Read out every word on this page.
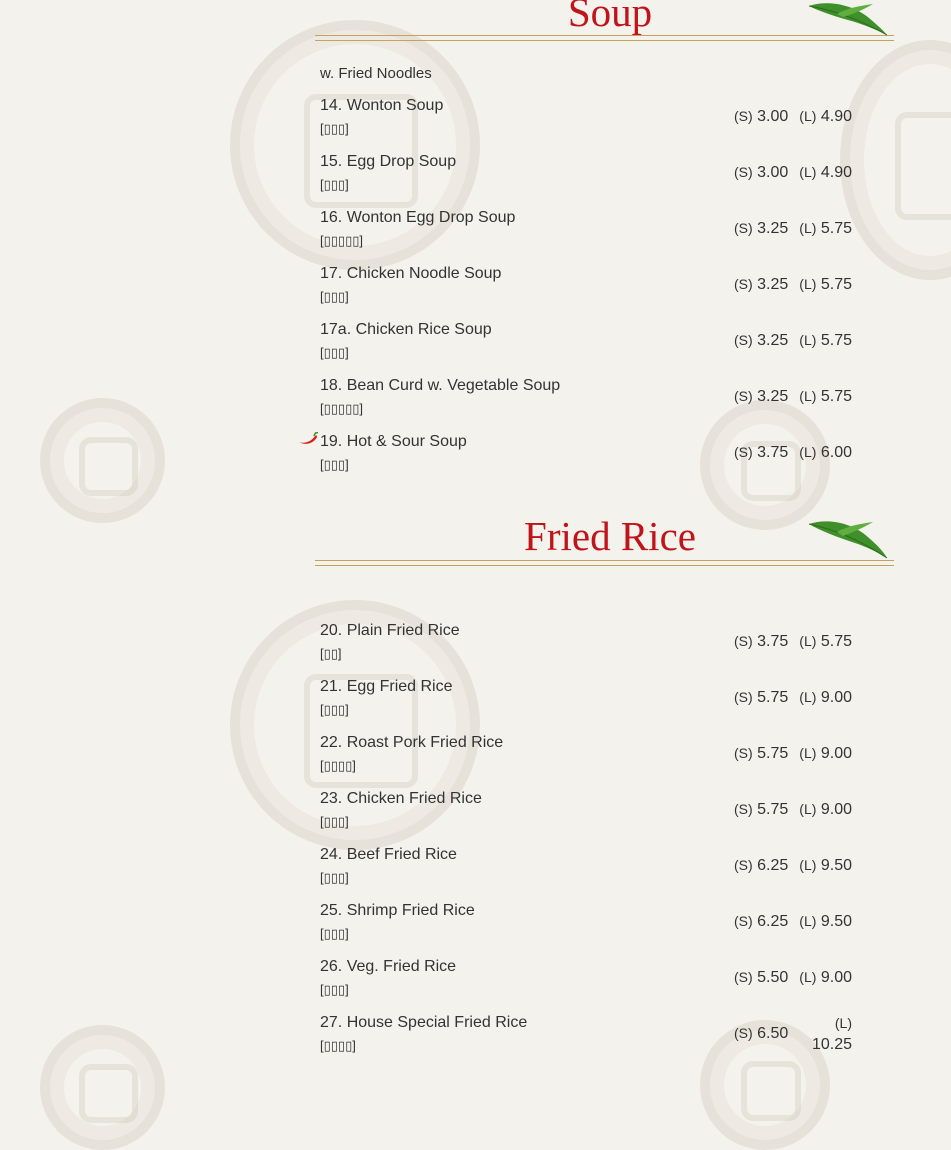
Soup
w. Fried Noodles
14. Wonton Soup
[▯▯▯]
(S) 3.00 (L) 4.90
15. Egg Drop Soup
[▯▯▯]
(S) 3.00 (L) 4.90
16. Wonton Egg Drop Soup
[▯▯▯▯▯]
(S) 3.25 (L) 5.75
17. Chicken Noodle Soup
[▯▯▯]
(S) 3.25 (L) 5.75
17a. Chicken Rice Soup
[▯▯▯]
(S) 3.25 (L) 5.75
18. Bean Curd w. Vegetable Soup
[▯▯▯▯▯]
(S) 3.25 (L) 5.75
19. Hot & Sour Soup
[▯▯▯]
(S) 3.75 (L) 6.00
Fried Rice
20. Plain Fried Rice
[▯▯]
(S) 3.75 (L) 5.75
21. Egg Fried Rice
[▯▯▯]
(S) 5.75 (L) 9.00
22. Roast Pork Fried Rice
[▯▯▯▯]
(S) 5.75 (L) 9.00
23. Chicken Fried Rice
[▯▯▯]
(S) 5.75 (L) 9.00
24. Beef Fried Rice
[▯▯▯]
(S) 6.25 (L) 9.50
25. Shrimp Fried Rice
[▯▯▯]
(S) 6.25 (L) 9.50
26. Veg. Fried Rice
[▯▯▯]
(S) 5.50 (L) 9.00
27. House Special Fried Rice
[▯▯▯▯]
(S) 6.50
(L)
10.25
